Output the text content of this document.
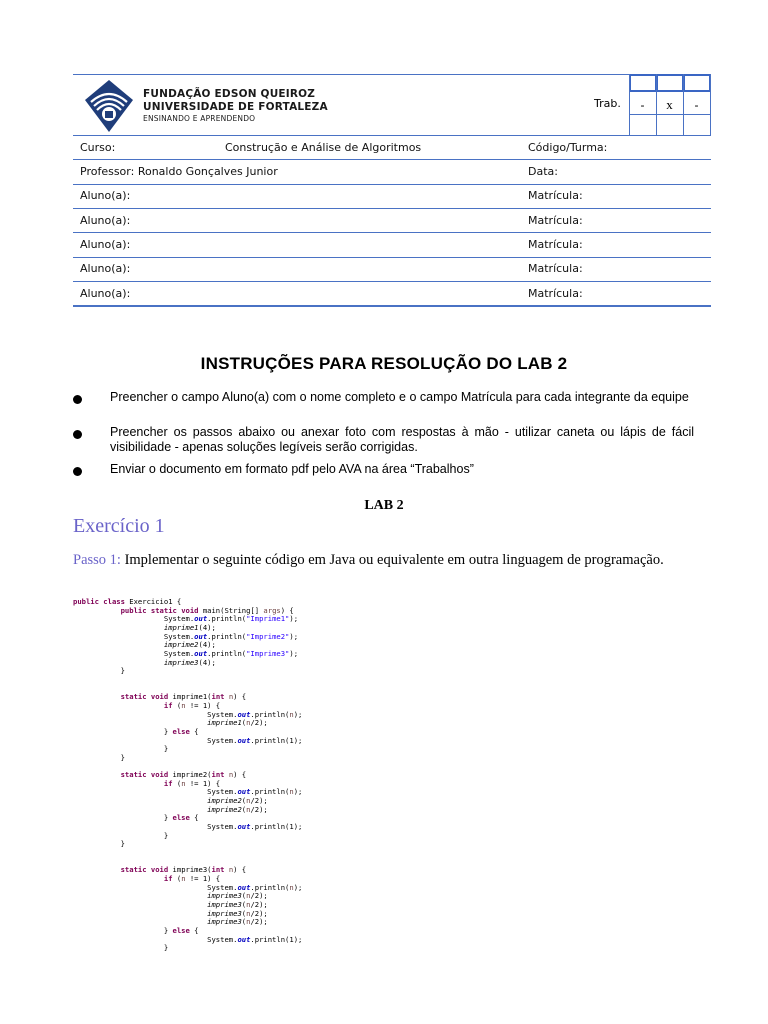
FUNDAÇÃO EDSON QUEIROZ
UNIVERSIDADE DE FORTALEZA
ENSINANDO E APRENDENDO
Trab.	-	x	-
Curso:	Construção e Análise de Algoritmos	Código/Turma:
Professor: Ronaldo Gonçalves Junior	Data:
Aluno(a):	Matrícula:
Aluno(a):	Matrícula:
Aluno(a):	Matrícula:
Aluno(a):	Matrícula:
Aluno(a):	Matrícula:
INSTRUÇÕES PARA RESOLUÇÃO DO LAB 2
Preencher o campo Aluno(a) com o nome completo e o campo Matrícula para cada integrante da equipe
Preencher os passos abaixo ou anexar foto com respostas à mão - utilizar caneta ou lápis de fácil visibilidade - apenas soluções legíveis serão corrigidas.
Enviar o documento em formato pdf pelo AVA na área “Trabalhos”
LAB 2
Exercício 1
Passo 1: Implementar o seguinte código em Java ou equivalente em outra linguagem de programação.
public class Exercicio1 {
public static void main(String[] args) {
System.out.println("Imprime1");
imprime1(4);
System.out.println("Imprime2");
imprime2(4);
System.out.println("Imprime3");
imprime3(4);
}

static void imprime1(int n) {
if (n != 1) {
System.out.println(n);
imprime1(n/2);
} else {
System.out.println(1);
}
}

static void imprime2(int n) {
if (n != 1) {
System.out.println(n);
imprime2(n/2);
imprime2(n/2);
} else {
System.out.println(1);
}
}

static void imprime3(int n) {
if (n != 1) {
System.out.println(n);
imprime3(n/2);
imprime3(n/2);
imprime3(n/2);
imprime3(n/2);
} else {
System.out.println(1);
}
